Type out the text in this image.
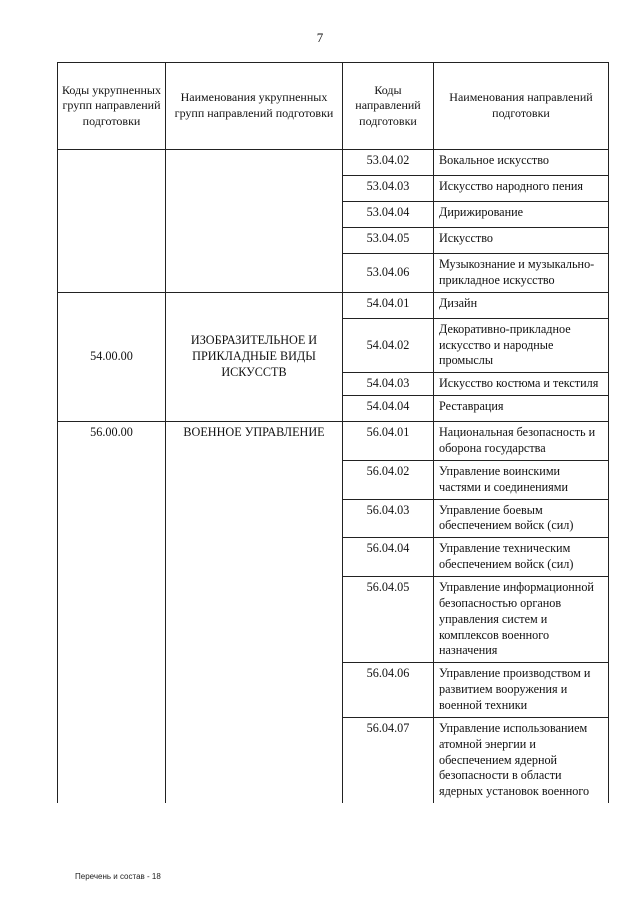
7
Коды укрупненных групп направлений подготовки	Наименования укрупненных групп направлений подготовки	Коды направлений подготовки	Наименования направлений подготовки
		53.04.02	Вокальное искусство
		53.04.03	Искусство народного пения
		53.04.04	Дирижирование
		53.04.05	Искусство
		53.04.06	Музыкознание и музыкально-прикладное искусство
54.00.00	ИЗОБРАЗИТЕЛЬНОЕ И ПРИКЛАДНЫЕ ВИДЫ ИСКУССТВ	54.04.01	Дизайн
		54.04.02	Декоративно-прикладное искусство и народные промыслы
		54.04.03	Искусство костюма и текстиля
		54.04.04	Реставрация
56.00.00	ВОЕННОЕ УПРАВЛЕНИЕ	56.04.01	Национальная безопасность и оборона государства
		56.04.02	Управление воинскими частями и соединениями
		56.04.03	Управление боевым обеспечением войск (сил)
		56.04.04	Управление техническим обеспечением войск (сил)
		56.04.05	Управление информационной безопасностью органов управления систем и комплексов военного назначения
		56.04.06	Управление производством и развитием вооружения и военной техники
		56.04.07	Управление использованием атомной энергии и обеспечением ядерной безопасности в области ядерных установок военного
Перечень и состав - 18
